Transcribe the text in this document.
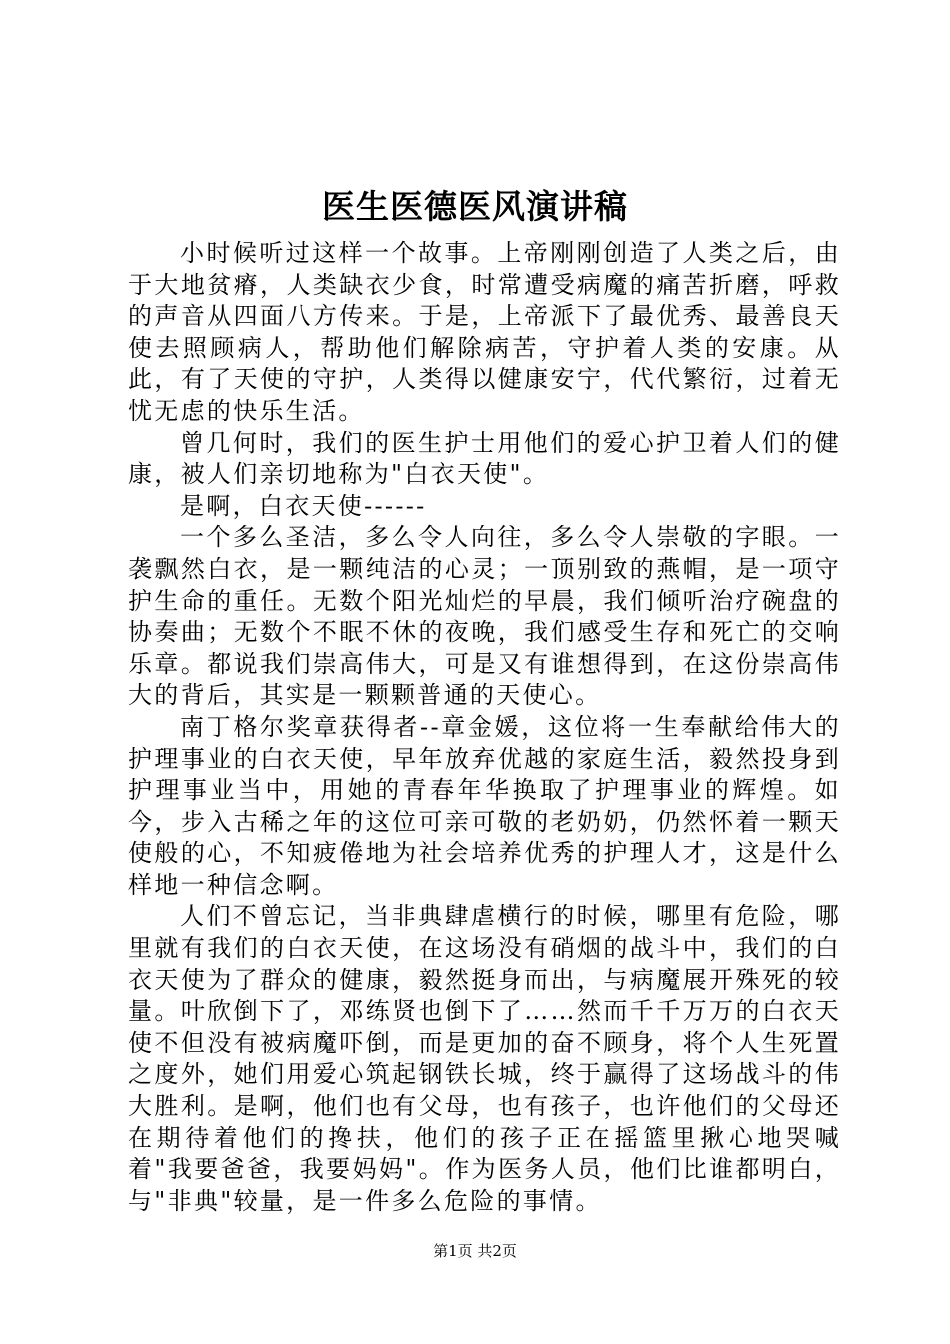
医生医德医风演讲稿

小时候听过这样一个故事。上帝刚刚创造了人类之后，由于大地贫瘠，人类缺衣少食，时常遭受病魔的痛苦折磨，呼救的声音从四面八方传来。于是，上帝派下了最优秀、最善良天使去照顾病人，帮助他们解除病苦，守护着人类的安康。从此，有了天使的守护，人类得以健康安宁，代代繁衍，过着无忧无虑的快乐生活。

曾几何时，我们的医生护士用他们的爱心护卫着人们的健康，被人们亲切地称为"白衣天使"。

是啊，白衣天使------

一个多么圣洁，多么令人向往，多么令人崇敬的字眼。一袭飘然白衣，是一颗纯洁的心灵；一顶别致的燕帽，是一项守护生命的重任。无数个阳光灿烂的早晨，我们倾听治疗碗盘的协奏曲；无数个不眠不休的夜晚，我们感受生存和死亡的交响乐章。都说我们崇高伟大，可是又有谁想得到，在这份崇高伟大的背后，其实是一颗颗普通的天使心。

南丁格尔奖章获得者--章金媛，这位将一生奉献给伟大的护理事业的白衣天使，早年放弃优越的家庭生活，毅然投身到护理事业当中，用她的青春年华换取了护理事业的辉煌。如今，步入古稀之年的这位可亲可敬的老奶奶，仍然怀着一颗天使般的心，不知疲倦地为社会培养优秀的护理人才，这是什么样地一种信念啊。

人们不曾忘记，当非典肆虐横行的时候，哪里有危险，哪里就有我们的白衣天使，在这场没有硝烟的战斗中，我们的白衣天使为了群众的健康，毅然挺身而出，与病魔展开殊死的较量。叶欣倒下了，邓练贤也倒下了……然而千千万万的白衣天使不但没有被病魔吓倒，而是更加的奋不顾身，将个人生死置之度外，她们用爱心筑起钢铁长城，终于赢得了这场战斗的伟大胜利。是啊，他们也有父母，也有孩子，也许他们的父母还在期待着他们的搀扶，他们的孩子正在摇篮里揪心地哭喊着"我要爸爸，我要妈妈"。作为医务人员，他们比谁都明白，与"非典"较量，是一件多么危险的事情。

第1页 共2页
